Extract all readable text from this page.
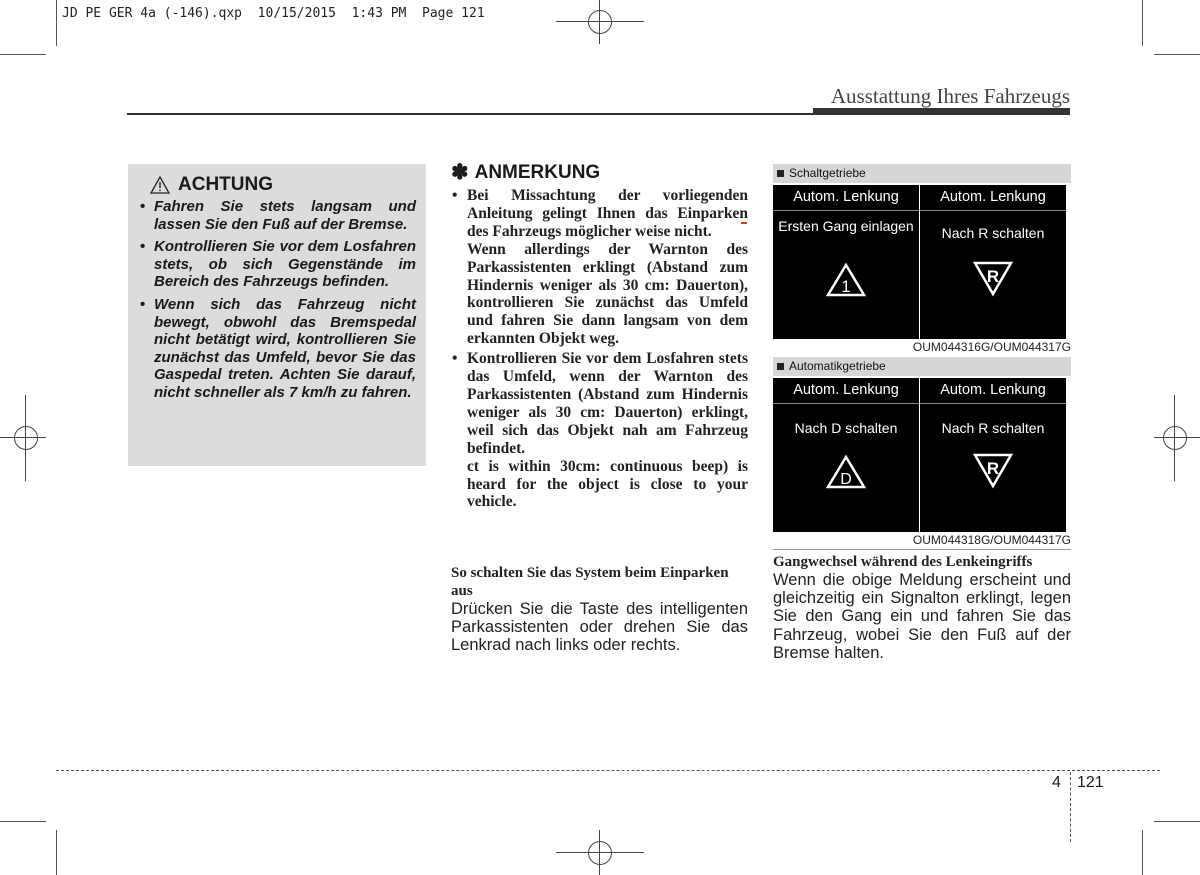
JD PE GER 4a (-146).qxp  10/15/2015  1:43 PM  Page 121
Ausstattung Ihres Fahrzeugs
ACHTUNG
• Fahren Sie stets langsam und lassen Sie den Fuß auf der Bremse.
• Kontrollieren Sie vor dem Losfahren stets, ob sich Gegenstände im Bereich des Fahrzeugs befinden.
• Wenn sich das Fahrzeug nicht bewegt, obwohl das Bremspedal nicht betätigt wird, kontrollieren Sie zunächst das Umfeld, bevor Sie das Gaspedal treten. Achten Sie darauf, nicht schneller als 7 km/h zu fahren.
✽ ANMERKUNG

• Bei Missachtung der vorliegenden Anleitung gelingt Ihnen das Einparken des Fahrzeugs möglicher weise nicht.

Wenn allerdings der Warnton des Parkassistenten erklingt (Abstand zum Hindernis weniger als 30 cm: Dauerton), kontrollieren Sie zunächst das Umfeld und fahren Sie dann langsam von dem erkannten Objekt weg.

• Kontrollieren Sie vor dem Losfahren stets das Umfeld, wenn der Warnton des Parkassistenten (Abstand zum Hindernis weniger als 30 cm: Dauerton) erklingt, weil sich das Objekt nah am Fahrzeug befindet.

ct is within 30cm: continuous beep) is heard for the object is close to your vehicle.

So schalten Sie das System beim Einparken aus
Drücken Sie die Taste des intelligenten Parkassistenten oder drehen Sie das Lenkrad nach links oder rechts.
Schaltgetriebe
Autom. Lenkung
Ersten Gang einlagen
1
Autom. Lenkung
Nach R schalten
R
OUM044316G/OUM044317G
Automatikgetriebe
Autom. Lenkung
Nach D schalten
D
Autom. Lenkung
Nach R schalten
R
OUM044318G/OUM044317G
Gangwechsel während des Lenkeingriffs
Wenn die obige Meldung erscheint und gleichzeitig ein Signalton erklingt, legen Sie den Gang ein und fahren Sie das Fahrzeug, wobei Sie den Fuß auf der Bremse halten.
4 121
